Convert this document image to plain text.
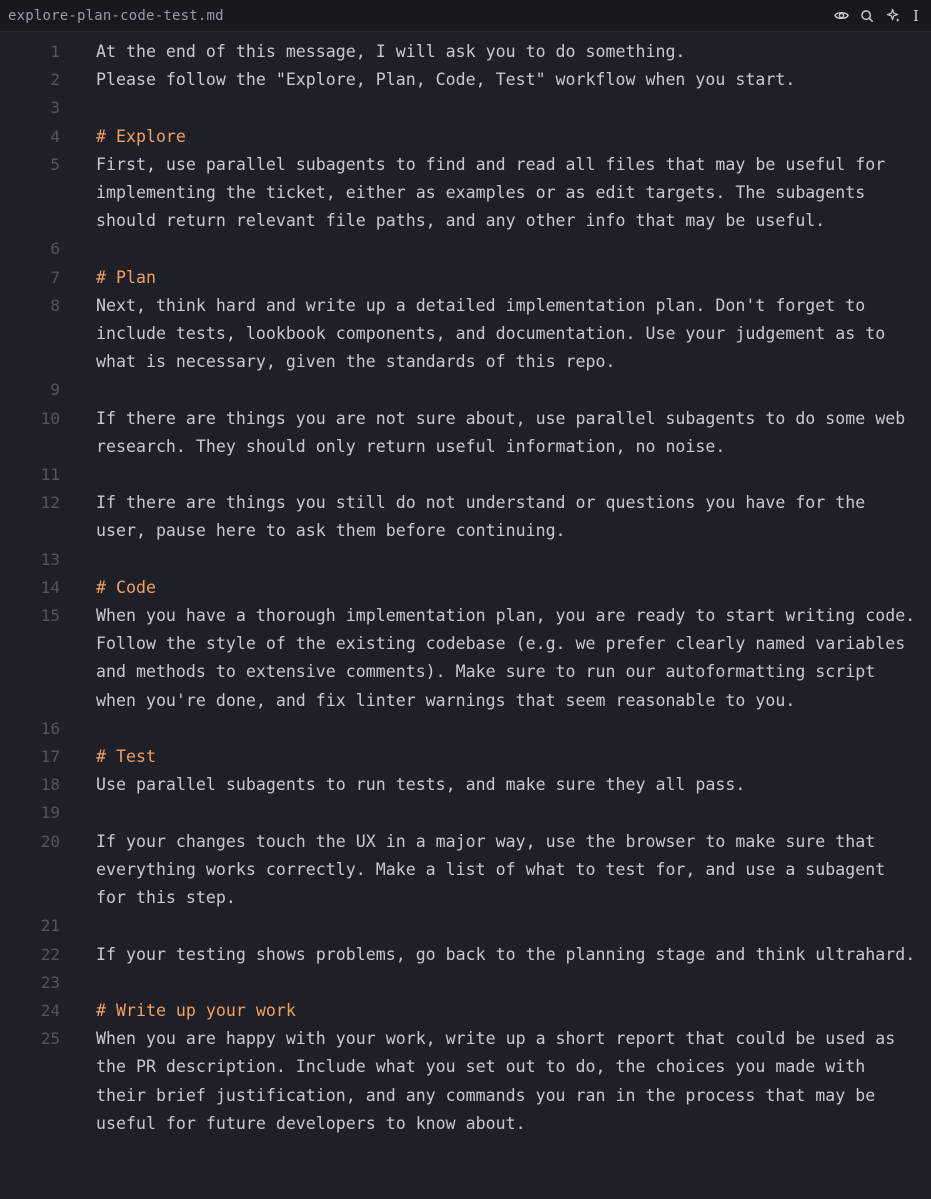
explore-plan-code-test.md	I
1	At the end of this message, I will ask you to do something.
2	Please follow the "Explore, Plan, Code, Test" workflow when you start.
3
4	# Explore
5	First, use parallel subagents to find and read all files that may be useful for implementing the ticket, either as examples or as edit targets. The subagents should return relevant file paths, and any other info that may be useful.
6
7	# Plan
8	Next, think hard and write up a detailed implementation plan. Don't forget to include tests, lookbook components, and documentation. Use your judgement as to what is necessary, given the standards of this repo.
9
10	If there are things you are not sure about, use parallel subagents to do some web research. They should only return useful information, no noise.
11
12	If there are things you still do not understand or questions you have for the user, pause here to ask them before continuing.
13
14	# Code
15	When you have a thorough implementation plan, you are ready to start writing code. Follow the style of the existing codebase (e.g. we prefer clearly named variables and methods to extensive comments). Make sure to run our autoformatting script when you're done, and fix linter warnings that seem reasonable to you.
16
17	# Test
18	Use parallel subagents to run tests, and make sure they all pass.
19
20	If your changes touch the UX in a major way, use the browser to make sure that everything works correctly. Make a list of what to test for, and use a subagent for this step.
21
22	If your testing shows problems, go back to the planning stage and think ultrahard.
23
24	# Write up your work
25	When you are happy with your work, write up a short report that could be used as the PR description. Include what you set out to do, the choices you made with their brief justification, and any commands you ran in the process that may be useful for future developers to know about.
